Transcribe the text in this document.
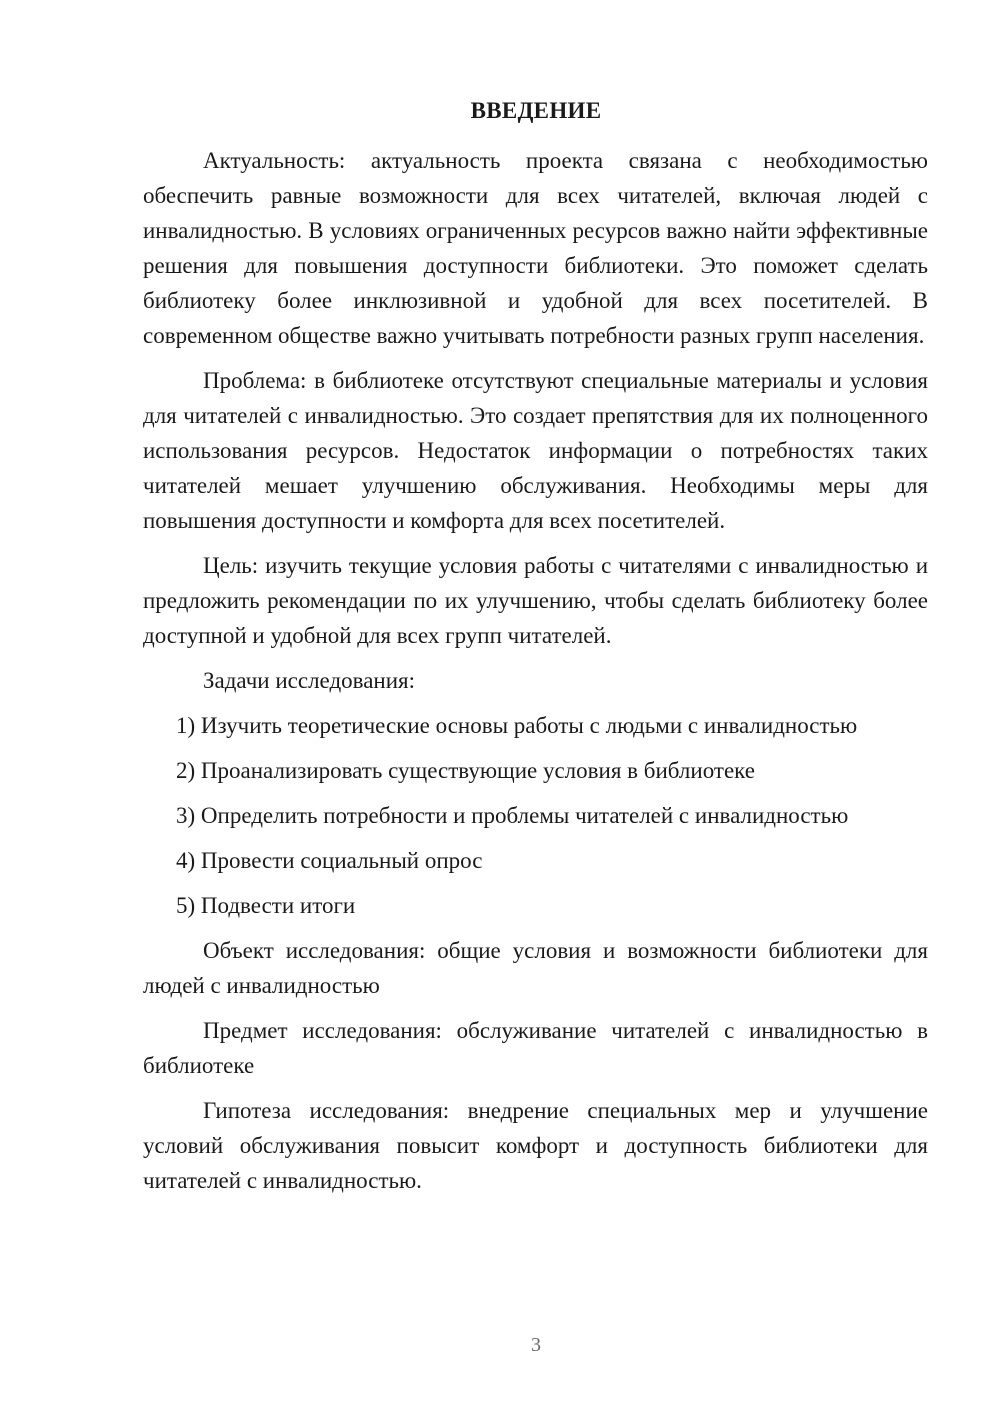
ВВЕДЕНИЕ

Актуальность: актуальность проекта связана с необходимостью обеспечить равные возможности для всех читателей, включая людей с инвалидностью. В условиях ограниченных ресурсов важно найти эффективные решения для повышения доступности библиотеки. Это поможет сделать библиотеку более инклюзивной и удобной для всех посетителей. В современном обществе важно учитывать потребности разных групп населения.

Проблема: в библиотеке отсутствуют специальные материалы и условия для читателей с инвалидностью. Это создает препятствия для их полноценного использования ресурсов. Недостаток информации о потребностях таких читателей мешает улучшению обслуживания. Необходимы меры для повышения доступности и комфорта для всех посетителей.

Цель: изучить текущие условия работы с читателями с инвалидностью и предложить рекомендации по их улучшению, чтобы сделать библиотеку более доступной и удобной для всех групп читателей.

Задачи исследования:

1) Изучить теоретические основы работы с людьми с инвалидностью

2) Проанализировать существующие условия в библиотеке

3) Определить потребности и проблемы читателей с инвалидностью

4) Провести социальный опрос

5) Подвести итоги

Объект исследования: общие условия и возможности библиотеки для людей с инвалидностью

Предмет исследования: обслуживание читателей с инвалидностью в библиотеке

Гипотеза исследования: внедрение специальных мер и улучшение условий обслуживания повысит комфорт и доступность библиотеки для читателей с инвалидностью.

3
